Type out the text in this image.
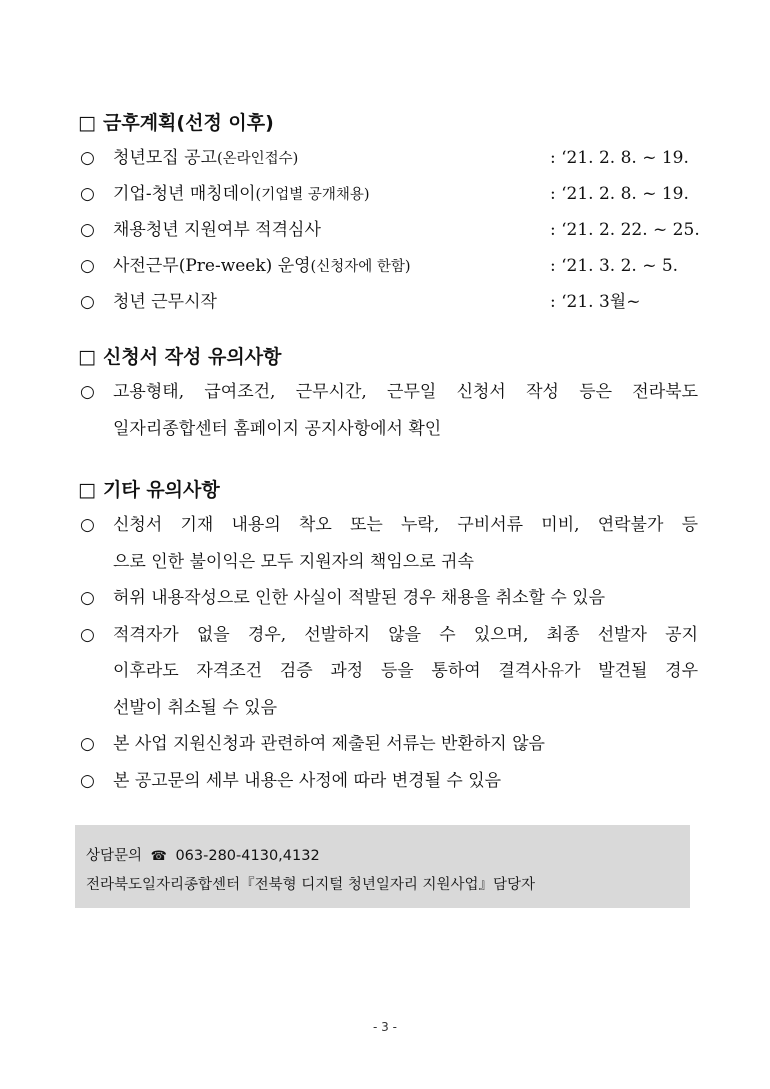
□ 금후계획(선정 이후)
○ 청년모집 공고(온라인접수)	: ‘21. 2. 8. ~ 19.
○ 기업-청년 매칭데이(기업별 공개채용)	: ‘21. 2. 8. ~ 19.
○ 채용청년 지원여부 적격심사	: ‘21. 2. 22. ~ 25.
○ 사전근무(Pre-week) 운영(신청자에 한함)	: ‘21. 3. 2. ~ 5.
○ 청년 근무시작	: ‘21. 3월~
□ 신청서 작성 유의사항
○ 고용형태, 급여조건, 근무시간, 근무일 신청서 작성 등은 전라북도
일자리종합센터 홈페이지 공지사항에서 확인
□ 기타 유의사항
○ 신청서 기재 내용의 착오 또는 누락, 구비서류 미비, 연락불가 등
으로 인한 불이익은 모두 지원자의 책임으로 귀속
○ 허위 내용작성으로 인한 사실이 적발된 경우 채용을 취소할 수 있음
○ 적격자가 없을 경우, 선발하지 않을 수 있으며, 최종 선발자 공지
이후라도 자격조건 검증 과정 등을 통하여 결격사유가 발견될 경우
선발이 취소될 수 있음
○ 본 사업 지원신청과 관련하여 제출된 서류는 반환하지 않음
○ 본 공고문의 세부 내용은 사정에 따라 변경될 수 있음
상담문의 ☎ 063-280-4130,4132
전라북도일자리종합센터『전북형 디지털 청년일자리 지원사업』담당자
- 3 -
